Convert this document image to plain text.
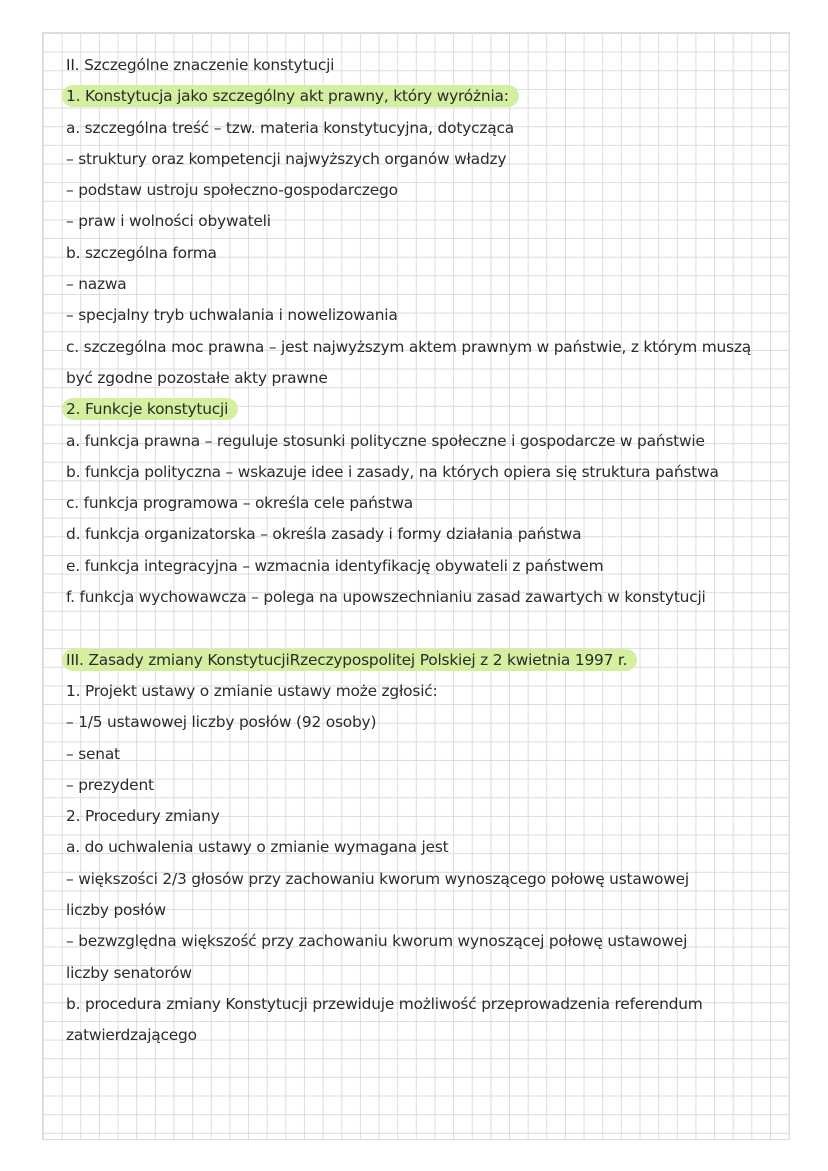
II. Szczególne znaczenie konstytucji
1. Konstytucja jako szczególny akt prawny, który wyróżnia:
a. szczególna treść – tzw. materia konstytucyjna, dotycząca
– struktury oraz kompetencji najwyższych organów władzy
– podstaw ustroju społeczno-gospodarczego
– praw i wolności obywateli
b. szczególna forma
– nazwa
– specjalny tryb uchwalania i nowelizowania
c. szczególna moc prawna – jest najwyższym aktem prawnym w państwie, z którym muszą
być zgodne pozostałe akty prawne
2. Funkcje konstytucji
a. funkcja prawna – reguluje stosunki polityczne społeczne i gospodarcze w państwie
b. funkcja polityczna – wskazuje idee i zasady, na których opiera się struktura państwa
c. funkcja programowa – określa cele państwa
d. funkcja organizatorska – określa zasady i formy działania państwa
e. funkcja integracyjna – wzmacnia identyfikację obywateli z państwem
f. funkcja wychowawcza – polega na upowszechnianiu zasad zawartych w konstytucji
III. Zasady zmiany KonstytucjiRzeczypospolitej Polskiej z 2 kwietnia 1997 r.
1. Projekt ustawy o zmianie ustawy może zgłosić:
– 1/5 ustawowej liczby posłów (92 osoby)
– senat
– prezydent
2. Procedury zmiany
a. do uchwalenia ustawy o zmianie wymagana jest
– większości 2/3 głosów przy zachowaniu kworum wynoszącego połowę ustawowej
liczby posłów
– bezwzględna większość przy zachowaniu kworum wynoszącej połowę ustawowej
liczby senatorów
b. procedura zmiany Konstytucji przewiduje możliwość przeprowadzenia referendum
zatwierdzającego
